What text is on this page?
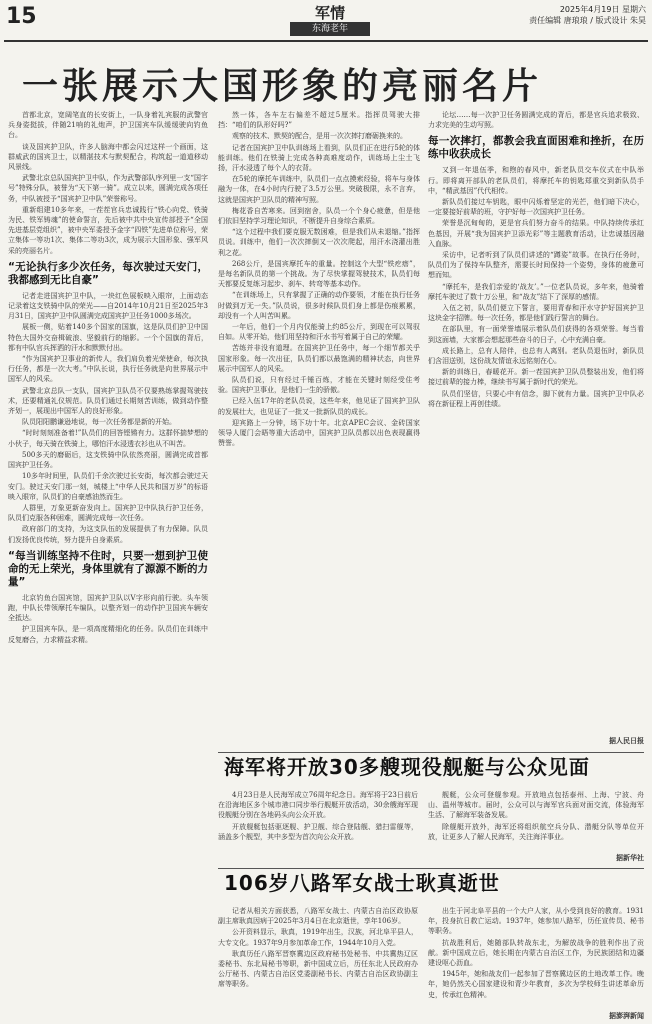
15	军情
东海老年
2025年4月19日 星期六
责任编辑 唐琅琅 / 版式设计 朱昊
一张展示大国形象的亮丽名片

首都北京，宽阔笔直的长安街上，一队身着礼宾服的武警官兵身姿挺拔，伴随21响的礼炮声，护卫国宾车队缓缓驶向钓鱼台。

谈及国宾护卫队，许多人脑海中都会闪过这样一个画面，这群威武的国宾卫士，以精湛技术与默契配合，构筑起一道道移动风景线。

武警北京总队国宾护卫中队，作为武警部队序列里一支“国字号”特殊分队，被誉为“天下第一骑”。成立以来，圆满完成各项任务，中队被授予“国宾护卫中队”荣誉称号。

重新组建10多年来，一茬茬官兵忠诚践行“铁心向党、铁骑为民、铁军铸魂”的使命誓言，先后被中共中央宣传部授予“全国先进基层党组织”，被中央军委授予金字“四铁”先进单位称号，荣立集体一等功1次、集体二等功3次，成为展示大国形象、强军风采的亮丽名片。

“无论执行多少次任务，每次驶过天安门，我都感到无比自豪”

记者走进国宾护卫中队，一块红色展板映入眼帘，上面动态记录着这支铁骑中队的荣光——自2014年10月21日至2025年3月31日，国宾护卫中队圆满完成国宾护卫任务1000多场次。

展板一侧，贴着140多个国家的国旗，这是队员们护卫中国特色大国外交奋楫破浪、坚毅前行的缩影。一个个国旗的背后，都有中队官兵挥洒的汗水和默默付出。

“作为国宾护卫事业的新传人，我们肩负着光荣使命，每次执行任务，都是一次大考。”中队长说，执行任务就是向世界展示中国军人的风采。

武警北京总队一支队，国宾护卫队员不仅要熟练掌握驾驶技术，还要精通礼仪规范。队员们通过长期刻苦训练，做到动作整齐划一，展现出中国军人的良好形象。

队员阳阳鹏谦逊地说，每一次任务都是新的开始。

“时时刻刻准备着!”队员们的回答铿锵有力。这群怀揣梦想的小伙子，每天骑在铁骑上，哪怕汗水浸透衣衫也从不叫苦。

500多天的磨砺后，这支铁骑中队依然亮丽，圆满完成首都国宾护卫任务。

10多年时间里，队员们千余次驶过长安街，每次都会驶过天安门。驶过天安门那一刻，城楼上“中华人民共和国万岁”的标语映入眼帘，队员们的自豪感油然而生。

人群里，万象更新奋发向上。国宾护卫中队执行护卫任务，队员们克服各种困难，圆满完成每一次任务。

政府部门的支持，为这支队伍的发展提供了有力保障。队员们发扬优良传统，努力提升自身素质。

“每当训练坚持不住时，只要一想到护卫使命的无上荣光，身体里就有了源源不断的力量”

北京钓鱼台国宾馆，国宾护卫队以V字形向前行驶。头车领跑，中队长带领摩托车编队，以整齐划一的动作护卫国宾车辆安全抵达。

护卫国宾车队，是一项高度精细化的任务。队员们在训练中反复磨合，力求精益求精。

然一体，各车左右偏差不超过5厘米。指挥员驾驶大排挡：“咱们的队形好吗?”

观察的技术、默契的配合，是用一次次摔打磨砺换来的。

记者在国宾护卫中队训练场上看到，队员们正在进行5轮的体能训练。他们在铁骑上完成各种高难度动作，训练场上尘土飞扬，汗水浸透了每个人的衣背。

在5轮的摩托车训练中，队员们一点点摸索经验，将车与身体融为一体，在4小时内行驶了3.5万公里。突破极限，永不言弃，这就是国宾护卫队员的精神写照。

梅花香自苦寒来。回到宿舍，队员一个个身心疲惫，但是他们依旧坚持学习理论知识，不断提升自身综合素质。

“这个过程中我们要克服无数困难，但是我们从未退缩。”指挥员说。训练中，他们一次次摔倒又一次次爬起，用汗水浇灌出胜利之花。

268公斤，是国宾摩托车的重量。控制这个大型“铁疙瘩”，是每名新队员的第一个挑战。为了尽快掌握驾驶技术，队员们每天都要反复练习起步、刹车、转弯等基本动作。

“在训练场上，只有掌握了正确的动作要领，才能在执行任务时做到万无一失。”队员说，很多时候队员们身上都是伤痕累累，却没有一个人叫苦叫累。

一年后，他们一个月内仅能骑上约85公斤，到现在可以驾驭自如。从零开始，他们用坚持和汗水书写着属于自己的荣耀。

苦练并非没有道理。在国宾护卫任务中，每一个细节都关乎国家形象。每一次出征，队员们都以最饱满的精神状态，向世界展示中国军人的风采。

队员们说，只有经过千锤百炼，才能在关键时刻经受住考验。国宾护卫事业，是他们一生的骄傲。

已经入伍17年的老队员说，这些年来，他见证了国宾护卫队的发展壮大，也见证了一批又一批新队员的成长。

迎宾路上一分钟，场下功十年。北京APEC会议、金砖国家领导人厦门会晤等重大活动中，国宾护卫队员都以出色表现赢得赞誉。

论坛……每一次护卫任务圆满完成的背后，都是官兵追求极致、力求完美的生动写照。

每一次摔打，都教会我直面困难和挫折，在历练中收获成长

又到一年退伍季，和煦的春风中，新老队员交车仪式在中队举行。即将离开部队的老队员们，将摩托车的钥匙郑重交到新队员手中，“精武基因”代代相传。

新队员们接过车钥匙，眼中闪烁着坚定的光芒，他们暗下决心，一定要接好前辈的班，守护好每一次国宾护卫任务。

荣誉是沉甸甸的，更是官兵们努力奋斗的结果。中队持续传承红色基因，开展“我为国宾护卫添光彩”等主题教育活动，让忠诚基因融入血脉。

采访中，记者听到了队员们讲述的“蹲姿”故事。在执行任务时，队员们为了保持车队整齐，需要长时间保持一个姿势，身体的疲惫可想而知。

“摩托车，是我们亲爱的‘战友’。”一位老队员说，多年来，他骑着摩托车驶过了数十万公里，和“战友”结下了深厚的感情。

入伍之初，队员们便立下誓言，要用青春和汗水守护好国宾护卫这块金字招牌。每一次任务，都是他们践行誓言的舞台。

在部队里，有一面荣誉墙展示着队员们获得的各项荣誉。每当看到这面墙，大家都会想起那些奋斗的日子，心中充满自豪。

成长路上，总有人陪伴，也总有人离别。老队员退伍时，新队员们含泪送别，这份战友情谊永远铭刻在心。

新的训练日，春暖花开。新一茬国宾护卫队员整装出发，他们将接过前辈的接力棒，继续书写属于新时代的荣光。

队员们坚信，只要心中有信念，脚下就有力量。国宾护卫中队必将在新征程上再创佳绩。

据人民日报
海军将开放30多艘现役舰艇与公众见面

4月23日是人民海军成立76周年纪念日。海军将于23日前后在沿海地区多个城市港口同步举行舰艇开放活动，30余艘海军现役舰艇分别在各地码头向公众开放。

开放舰艇包括驱逐舰、护卫舰、综合登陆舰、猎扫雷舰等，涵盖多个舰型，其中多型为首次向公众开放。

舰艇，公众可登舰参观。开放地点包括泰州、上海、宁波、舟山、温州等城市。届时，公众可以与海军官兵面对面交流，体验海军生活、了解海军装备发展。

除舰艇开放外，海军还将组织航空兵分队、潜艇分队等单位开放，让更多人了解人民海军，关注海洋事业。

据新华社
106岁八路军女战士耿真逝世

记者从相关方面获悉，八路军女战士、内蒙古自治区政协原副主席耿真因病于2025年3月4日在北京逝世，享年106岁。

公开资料显示，耿真，1919年出生，汉族，河北阜平县人，大专文化。1937年9月参加革命工作，1944年10月入党。

耿真历任八路军晋察冀边区政府秘书处秘书、中共冀热辽区委秘书、东北局秘书等职，新中国成立后，历任东北人民政府办公厅秘书、内蒙古自治区党委副秘书长、内蒙古自治区政协副主席等职务。

出生于河北阜平县的一个大户人家，从小受到良好的教育。1931年，投身抗日救亡运动。1937年，她参加八路军，历任宣传员、秘书等职务。

抗战胜利后，她随部队转战东北，为解放战争的胜利作出了贡献。新中国成立后，她长期在内蒙古自治区工作，为民族团结和边疆建设呕心沥血。

1945年，她和战友们一起参加了晋察冀边区的土地改革工作。晚年，她仍然关心国家建设和青少年教育，多次为学校师生讲述革命历史，传承红色精神。

据澎湃新闻
